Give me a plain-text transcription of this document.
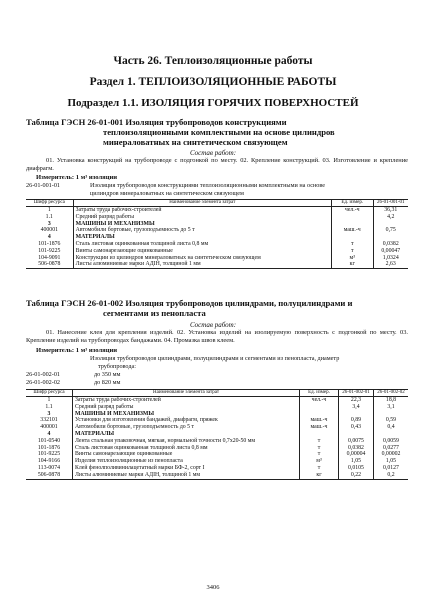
Часть 26. Теплоизоляционные работы
Раздел 1. ТЕПЛОИЗОЛЯЦИОННЫЕ РАБОТЫ
Подраздел 1.1. ИЗОЛЯЦИЯ ГОРЯЧИХ ПОВЕРХНОСТЕЙ
Таблица ГЭСН 26-01-001 Изоляция трубопроводов конструкциями
теплоизоляционными комплектными на основе цилиндров
минераловатных на синтетическом связующем
Состав работ:
01. Установка конструкций на трубопроводе с подгонкой по месту. 02. Крепление конструкций. 03. Изготовление и крепление диафрагм.
Измеритель: 1 м³ изоляции
26-01-001-01	Изоляция трубопроводов конструкциями теплоизоляционными комплектными на основе
цилиндров минераловатных на синтетическом связующем
Шифр ресурса	Наименование элемента затрат	Ед. измер.	26-01-001-01
1	Затраты труда рабочих-строителей	чел.-ч	36,31
1.1	Средний разряд работы		4,2
3	МАШИНЫ И МЕХАНИЗМЫ		
400001	Автомобили бортовые, грузоподъемность до 5 т	маш.-ч	0,75
4	МАТЕРИАЛЫ		
101-1876	Сталь листовая оцинкованная толщиной листа 0,8 мм	т	0,0382
101-9225	Винты самонарезающие оцинкованные	т	0,00047
104-9091	Конструкции из цилиндров минераловатных на синтетическом связующем	м³	1,0324
506-0878	Листы алюминиевые марки АДIН, толщиной 1 мм	кг	2,63
Таблица ГЭСН 26-01-002 Изоляция трубопроводов цилиндрами, полуцилиндрами и
сегментами из пенопласта
Состав работ:
01. Нанесение клея для крепления изделий. 02. Установка изделий на изолируемую поверхность с подгонкой по месту. 03. Крепление изделий на трубопроводах бандажами. 04. Промазка швов клеем.
Измеритель: 1 м³ изоляции
Изоляция трубопроводов цилиндрами, полуцилиндрами и сегментами из пенопласта, диаметр
трубопровода:
26-01-002-01	до 350 мм
26-01-002-02	до 820 мм
Шифр ресурса	Наименование элемента затрат	Ед. измер.	26-01-002-01	26-01-002-02
1	Затраты труда рабочих-строителей	чел.-ч	22,3	18,8
1.1	Средний разряд работы		3,4	3,1
3	МАШИНЫ И МЕХАНИЗМЫ			
332101	Установки для изготовления бандажей, диафрагм, пряжек	маш.-ч	0,89	0,59
400001	Автомобили бортовые, грузоподъемность до 5 т	маш.-ч	0,43	0,4
4	МАТЕРИАЛЫ			
101-0540	Лента стальная упаковочная, мягкая, нормальной точности 0,7х20-50 мм	т	0,0075	0,0059
101-1876	Сталь листовая оцинкованная толщиной листа 0,8 мм	т	0,0382	0,0277
101-9225	Винты самонарезающие оцинкованные	т	0,00004	0,00002
104-9166	Изделия теплоизоляционные из пенопласта	м³	1,05	1,05
113-0074	Клей фенолполивинилацетатный марки БФ-2, сорт I	т	0,0105	0,0127
506-0878	Листы алюминиевые марки АДIН, толщиной 1 мм	кг	0,22	0,2
3406
